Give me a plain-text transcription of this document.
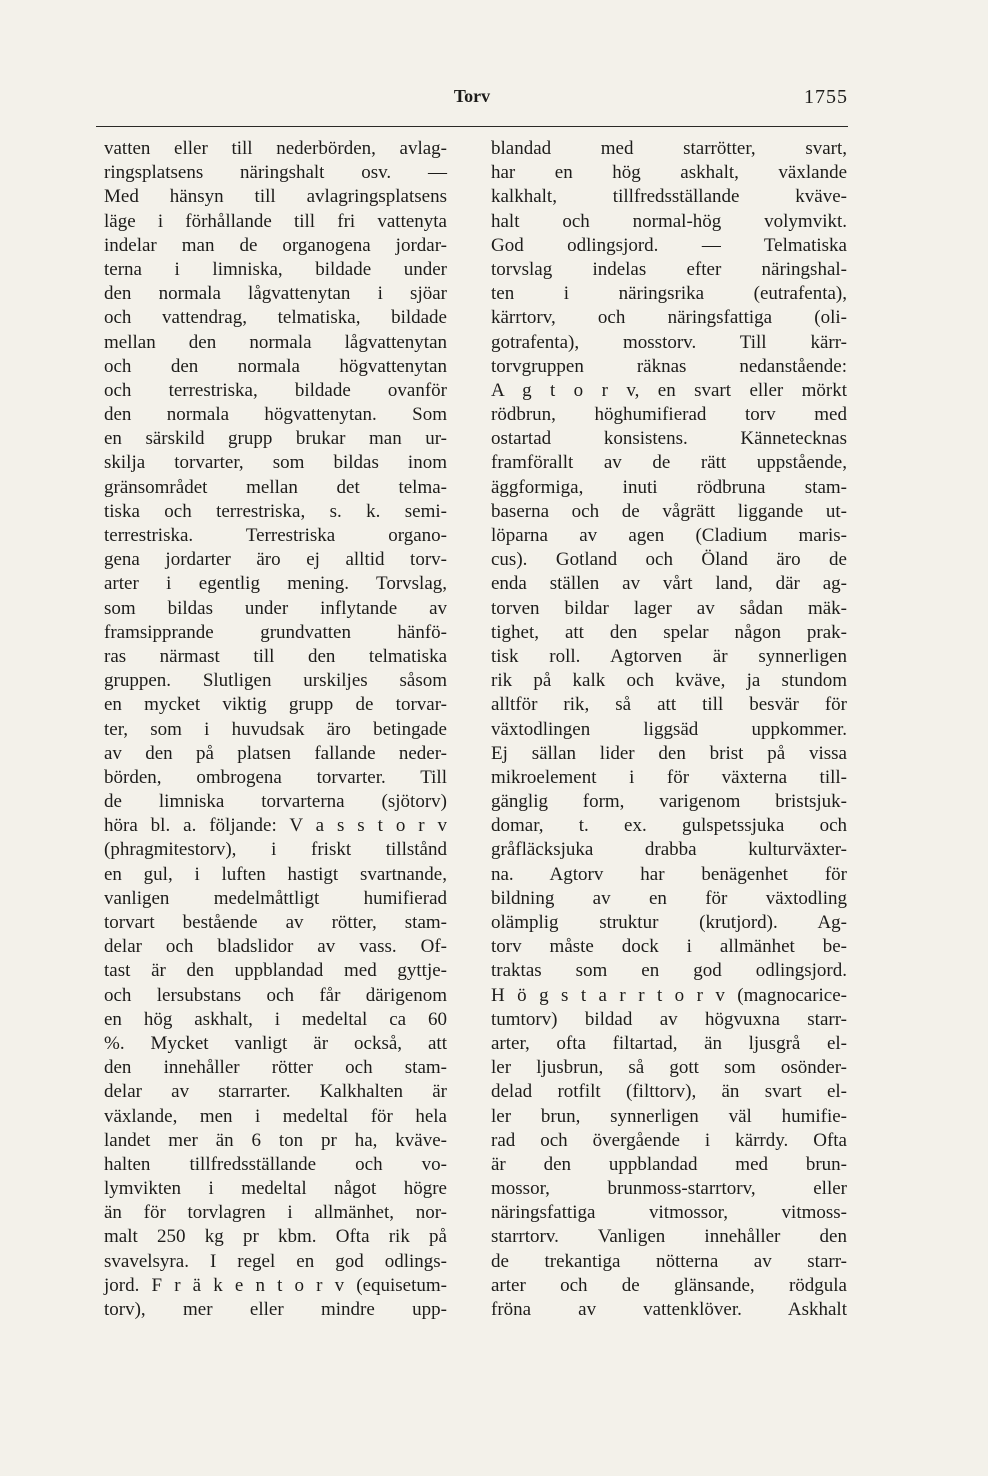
Torv	1755
vatten eller till nederbörden, avlag-
ringsplatsens näringshalt osv. —
Med hänsyn till avlagringsplatsens
läge i förhållande till fri vattenyta
indelar man de organogena jordar-
terna i limniska, bildade under
den normala lågvattenytan i sjöar
och vattendrag, telmatiska, bildade
mellan den normala lågvattenytan
och den normala högvattenytan
och terrestriska, bildade ovanför
den normala högvattenytan. Som
en särskild grupp brukar man ur-
skilja torvarter, som bildas inom
gränsområdet mellan det telma-
tiska och terrestriska, s. k. semi-
terrestriska. Terrestriska organo-
gena jordarter äro ej alltid torv-
arter i egentlig mening. Torvslag,
som bildas under inflytande av
framsipprande grundvatten hänfö-
ras närmast till den telmatiska
gruppen. Slutligen urskiljes såsom
en mycket viktig grupp de torvar-
ter, som i huvudsak äro betingade
av den på platsen fallande neder-
börden, ombrogena torvarter. Till
de limniska torvarterna (sjötorv)
höra bl. a. följande: V a s s t o r v
(phragmitestorv), i friskt tillstånd
en gul, i luften hastigt svartnande,
vanligen medelmåttligt humifierad
torvart bestående av rötter, stam-
delar och bladslidor av vass. Of-
tast är den uppblandad med gyttje-
och lersubstans och får därigenom
en hög askhalt, i medeltal ca 60
%. Mycket vanligt är också, att
den innehåller rötter och stam-
delar av starrarter. Kalkhalten är
växlande, men i medeltal för hela
landet mer än 6 ton pr ha, kväve-
halten tillfredsställande och vo-
lymvikten i medeltal något högre
än för torvlagren i allmänhet, nor-
malt 250 kg pr kbm. Ofta rik på
svavelsyra. I regel en god odlings-
jord. F r ä k e n t o r v (equisetum-
torv), mer eller mindre upp-
blandad med starrötter, svart,
har en hög askhalt, växlande
kalkhalt, tillfredsställande kväve-
halt och normal-hög volymvikt.
God odlingsjord. — Telmatiska
torvslag indelas efter näringshal-
ten i näringsrika (eutrafenta),
kärrtorv, och näringsfattiga (oli-
gotrafenta), mosstorv. Till kärr-
torvgruppen räknas nedanstående:
A g t o r v, en svart eller mörkt
rödbrun, höghumifierad torv med
ostartad konsistens. Kännetecknas
framförallt av de rätt uppstående,
äggformiga, inuti rödbruna stam-
baserna och de vågrätt liggande ut-
löparna av agen (Cladium maris-
cus). Gotland och Öland äro de
enda ställen av vårt land, där ag-
torven bildar lager av sådan mäk-
tighet, att den spelar någon prak-
tisk roll. Agtorven är synnerligen
rik på kalk och kväve, ja stundom
alltför rik, så att till besvär för
växtodlingen liggsäd uppkommer.
Ej sällan lider den brist på vissa
mikroelement i för växterna till-
gänglig form, varigenom bristsjuk-
domar, t. ex. gulspetssjuka och
gråfläcksjuka drabba kulturväxter-
na. Agtorv har benägenhet för
bildning av en för växtodling
olämplig struktur (krutjord). Ag-
torv måste dock i allmänhet be-
traktas som en god odlingsjord.
H ö g s t a r r t o r v (magnocarice-
tumtorv) bildad av högvuxna starr-
arter, ofta filtartad, än ljusgrå el-
ler ljusbrun, så gott som osönder-
delad rotfilt (filttorv), än svart el-
ler brun, synnerligen väl humifie-
rad och övergående i kärrdy. Ofta
är den uppblandad med brun-
mossor, brunmoss-starrtorv, eller
näringsfattiga vitmossor, vitmoss-
starrtorv. Vanligen innehåller den
de trekantiga nötterna av starr-
arter och de glänsande, rödgula
fröna av vattenklöver. Askhalt
